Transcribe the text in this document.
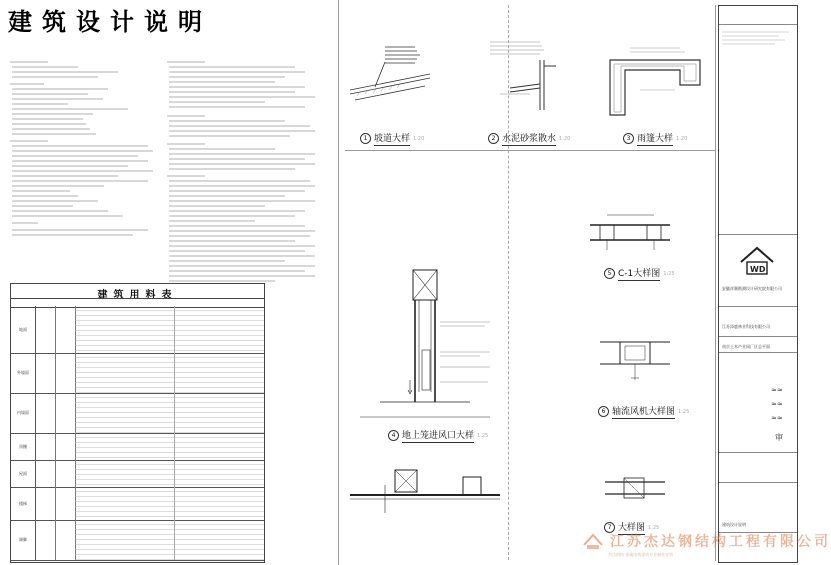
建筑设计说明
建筑用料表
地面
外墙面
内墙面
顶棚
屋面
楼梯
踢脚
1 坡道大样 1:20	2 水泥砂浆散水 1:20	3 雨篷大样 1:20
4 地上笼进风口大样 1:25
5 C-1大样图 1:25
6 轴流风机大样图 1:25
7 大样图 1:25
WD
安徽祥顺勘测设计研究院有限公司
江苏添鹿林业科技有限公司
南京土木产业园厂区总平面
≈≈
≈≈
≈≈
审
建筑设计说明
江苏杰达钢结构工程有限公司
杰达钢构 金属结构建筑专业制作安装
